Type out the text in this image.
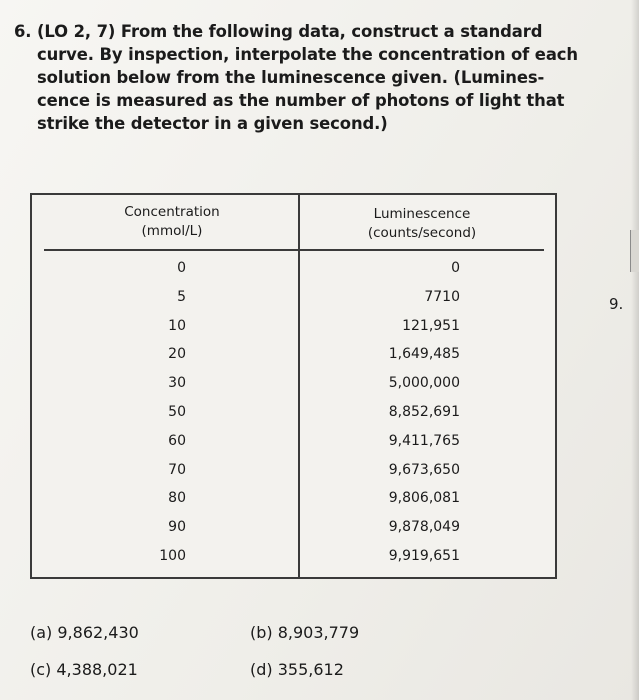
6. (LO 2, 7) From the following data, construct a standard
curve. By inspection, interpolate the concentration of each
solution below from the luminescence given. (Lumines-
cence is measured as the number of photons of light that
strike the detector in a given second.)
Concentration
(mmol/L)
Luminescence
(counts/second)
0	0
5	7710
10	121,951
20	1,649,485
30	5,000,000
50	8,852,691
60	9,411,765
70	9,673,650
80	9,806,081
90	9,878,049
100	9,919,651
(a) 9,862,430	(b) 8,903,779
(c) 4,388,021	(d) 355,612
9.
